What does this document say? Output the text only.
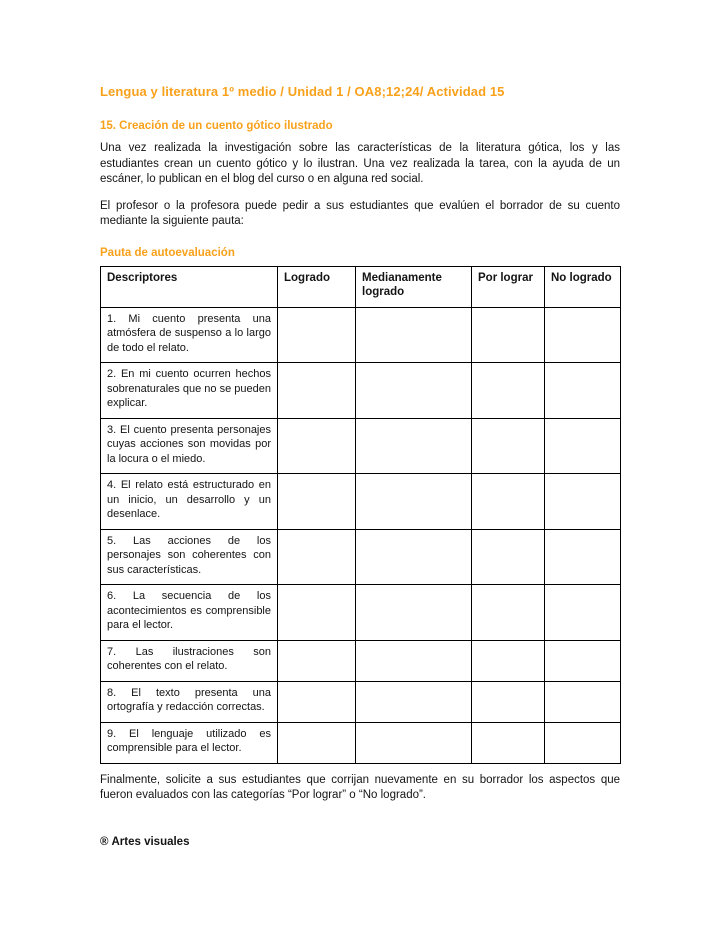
Lengua y literatura 1º medio / Unidad 1 / OA8;12;24/ Actividad 15
15. Creación de un cuento gótico ilustrado

Una vez realizada la investigación sobre las características de la literatura gótica, los y las estudiantes crean un cuento gótico y lo ilustran. Una vez realizada la tarea, con la ayuda de un escáner, lo publican en el blog del curso o en alguna red social.

El profesor o la profesora puede pedir a sus estudiantes que evalúen el borrador de su cuento mediante la siguiente pauta:

Pauta de autoevaluación
Descriptores	Logrado	Medianamente logrado	Por lograr	No logrado
1. Mi cuento presenta una atmósfera de suspenso a lo largo de todo el relato.				
2. En mi cuento ocurren hechos sobrenaturales que no se pueden explicar.				
3. El cuento presenta personajes cuyas acciones son movidas por la locura o el miedo.				
4. El relato está estructurado en un inicio, un desarrollo y un desenlace.				
5. Las acciones de los personajes son coherentes con sus características.				
6. La secuencia de los acontecimientos es comprensible para el lector.				
7. Las ilustraciones son coherentes con el relato.				
8. El texto presenta una ortografía y redacción correctas.				
9. El lenguaje utilizado es comprensible para el lector.				

Finalmente, solicite a sus estudiantes que corrijan nuevamente en su borrador los aspectos que fueron evaluados con las categorías “Por lograr” o “No logrado”.

® Artes visuales
